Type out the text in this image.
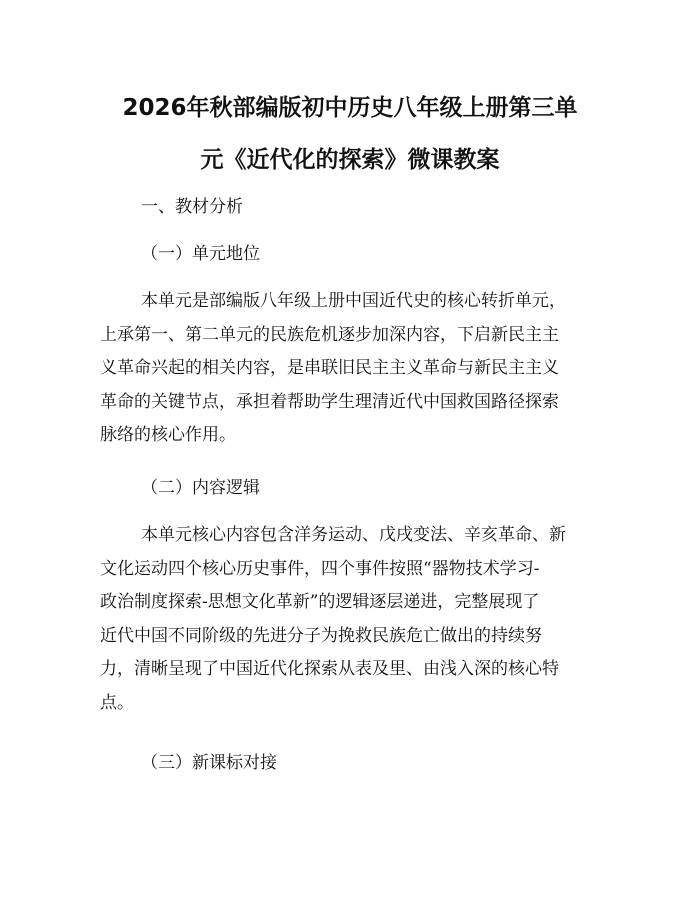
2026年秋部编版初中历史八年级上册第三单
元《近代化的探索》微课教案

一、教材分析

（一）单元地位

本单元是部编版八年级上册中国近代史的核心转折单元，
上承第一、第二单元的民族危机逐步加深内容，下启新民主主
义革命兴起的相关内容，是串联旧民主主义革命与新民主主义
革命的关键节点，承担着帮助学生理清近代中国救国路径探索
脉络的核心作用。

（二）内容逻辑

本单元核心内容包含洋务运动、戊戌变法、辛亥革命、新
文化运动四个核心历史事件，四个事件按照“器物技术学习-
政治制度探索-思想文化革新”的逻辑逐层递进，完整展现了
近代中国不同阶级的先进分子为挽救民族危亡做出的持续努
力，清晰呈现了中国近代化探索从表及里、由浅入深的核心特
点。

（三）新课标对接
